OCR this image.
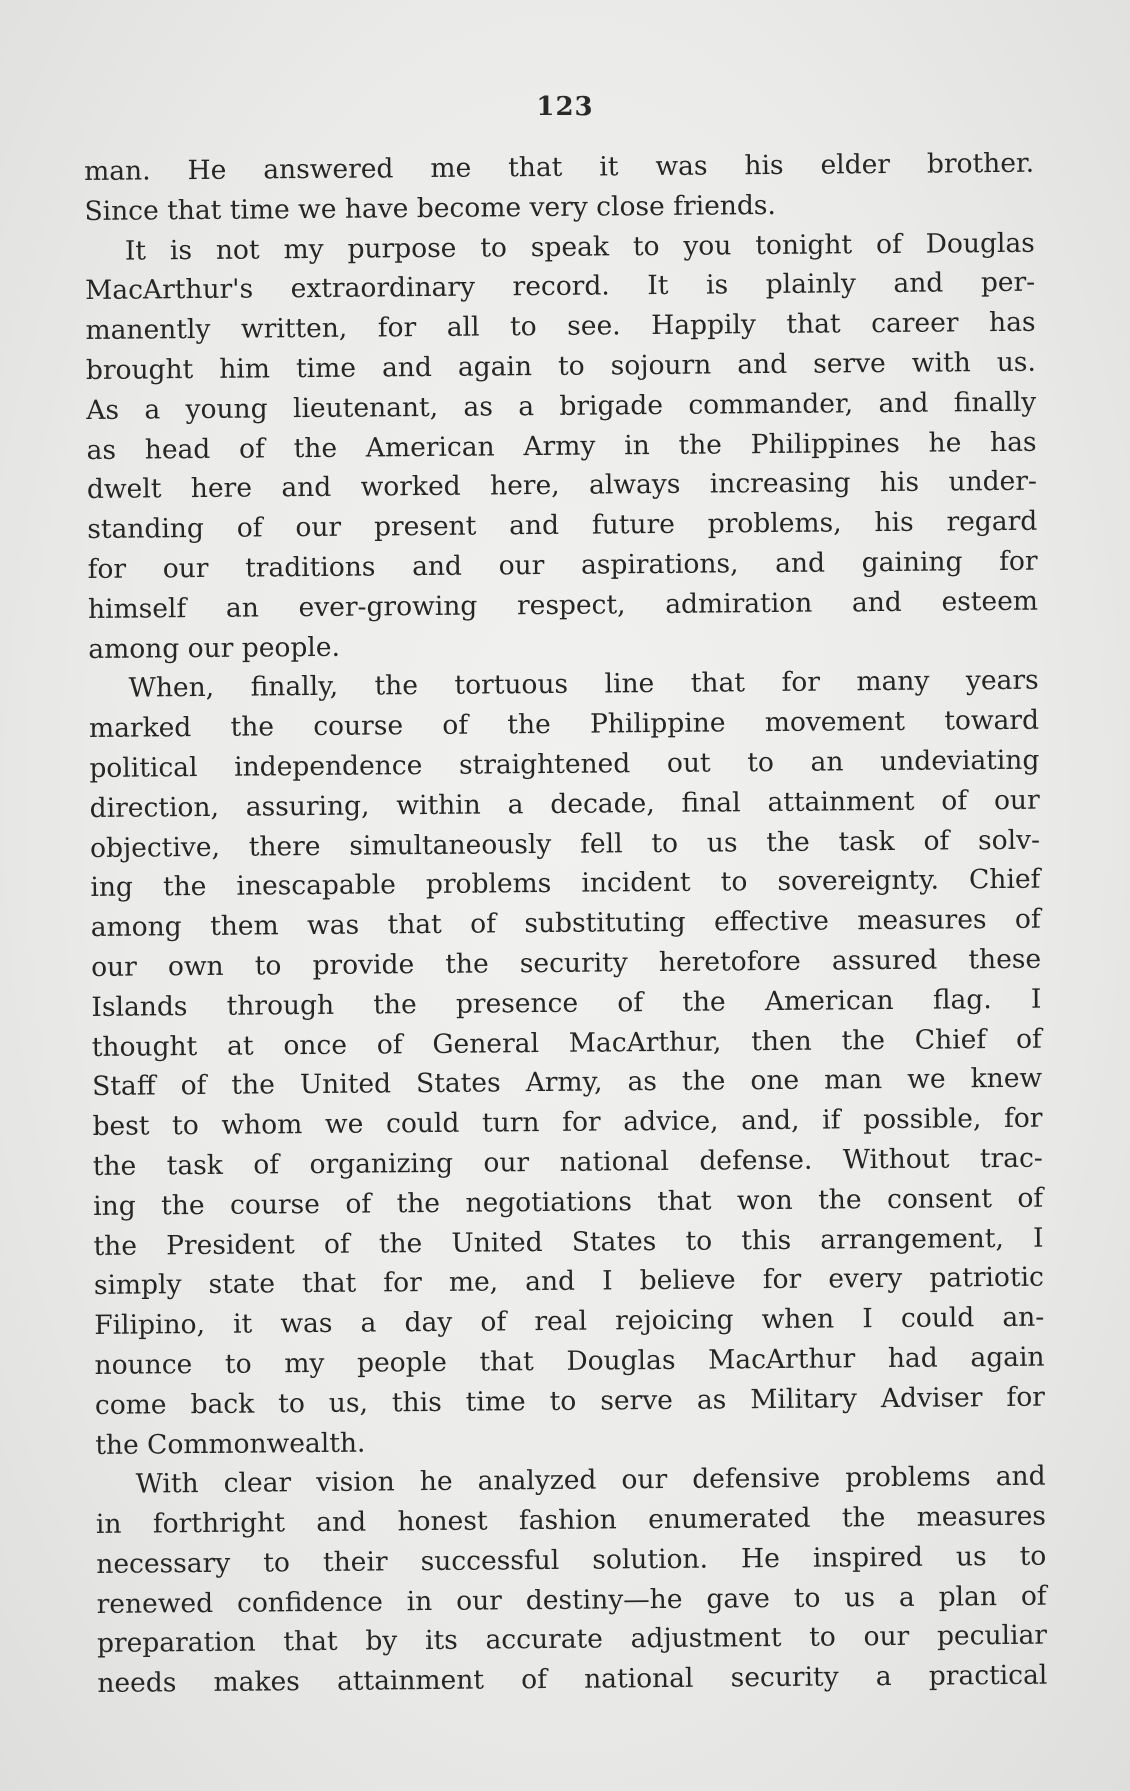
123
man. He answered me that it was his elder brother.
Since that time we have become very close friends.
It is not my purpose to speak to you tonight of Douglas
MacArthur's extraordinary record. It is plainly and per-
manently written, for all to see. Happily that career has
brought him time and again to sojourn and serve with us.
As a young lieutenant, as a brigade commander, and finally
as head of the American Army in the Philippines he has
dwelt here and worked here, always increasing his under-
standing of our present and future problems, his regard
for our traditions and our aspirations, and gaining for
himself an ever-growing respect, admiration and esteem
among our people.
When, finally, the tortuous line that for many years
marked the course of the Philippine movement toward
political independence straightened out to an undeviating
direction, assuring, within a decade, final attainment of our
objective, there simultaneously fell to us the task of solv-
ing the inescapable problems incident to sovereignty. Chief
among them was that of substituting effective measures of
our own to provide the security heretofore assured these
Islands through the presence of the American flag. I
thought at once of General MacArthur, then the Chief of
Staff of the United States Army, as the one man we knew
best to whom we could turn for advice, and, if possible, for
the task of organizing our national defense. Without trac-
ing the course of the negotiations that won the consent of
the President of the United States to this arrangement, I
simply state that for me, and I believe for every patriotic
Filipino, it was a day of real rejoicing when I could an-
nounce to my people that Douglas MacArthur had again
come back to us, this time to serve as Military Adviser for
the Commonwealth.
With clear vision he analyzed our defensive problems and
in forthright and honest fashion enumerated the measures
necessary to their successful solution. He inspired us to
renewed confidence in our destiny—he gave to us a plan of
preparation that by its accurate adjustment to our peculiar
needs makes attainment of national security a practical
